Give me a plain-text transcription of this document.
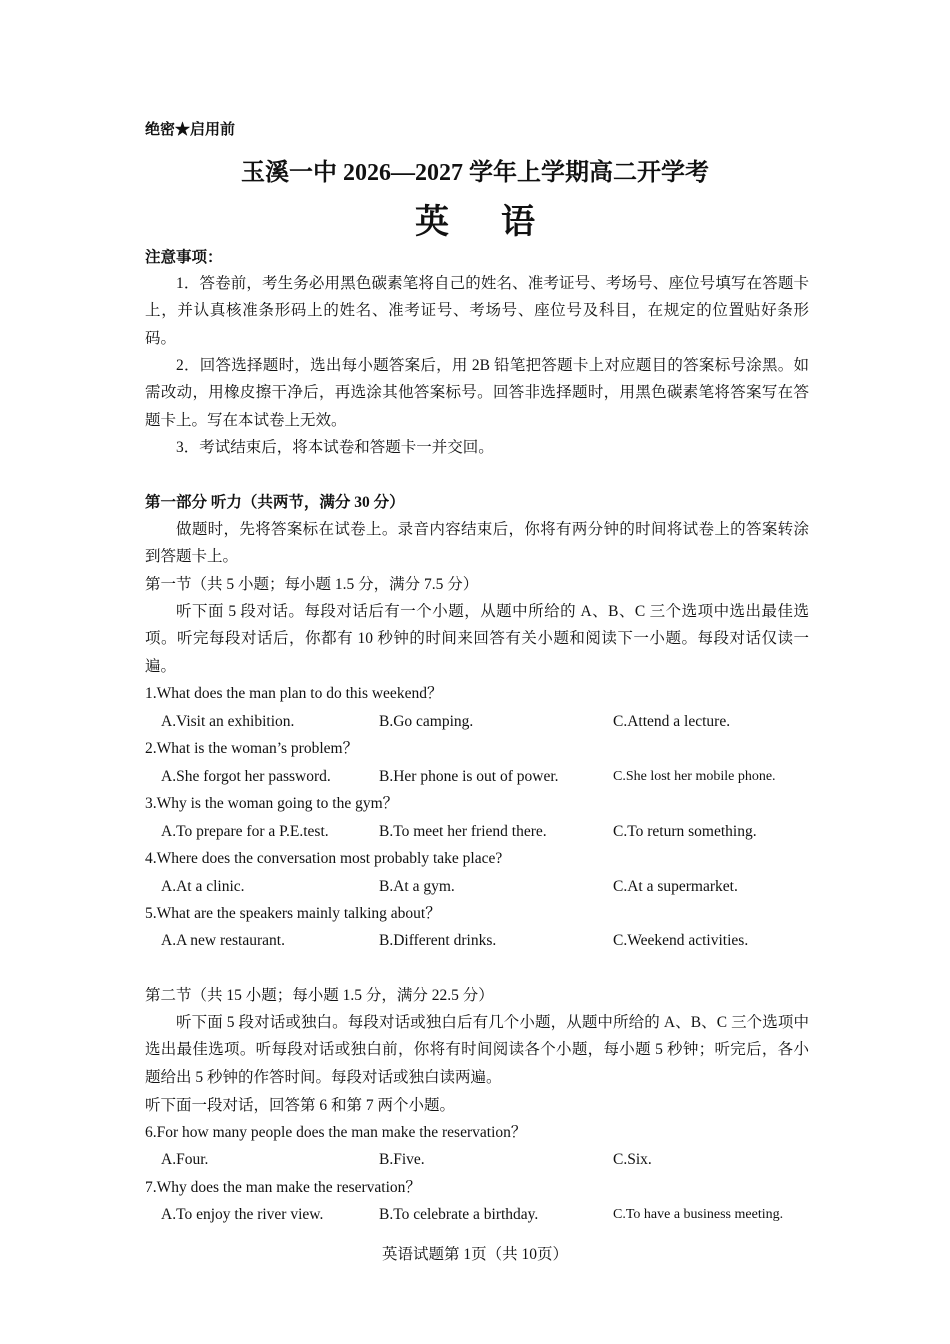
绝密★启用前
玉溪一中 2026—2027 学年上学期高二开学考
英语
注意事项：
1．答卷前，考生务必用黑色碳素笔将自己的姓名、准考证号、考场号、座位号填写在答题卡上，并认真核准条形码上的姓名、准考证号、考场号、座位号及科目，在规定的位置贴好条形码。
2．回答选择题时，选出每小题答案后，用 2B 铅笔把答题卡上对应题目的答案标号涂黑。如需改动，用橡皮擦干净后，再选涂其他答案标号。回答非选择题时，用黑色碳素笔将答案写在答题卡上。写在本试卷上无效。
3．考试结束后，将本试卷和答题卡一并交回。
第一部分 听力（共两节，满分 30 分）
做题时，先将答案标在试卷上。录音内容结束后，你将有两分钟的时间将试卷上的答案转涂到答题卡上。
第一节（共 5 小题；每小题 1.5 分，满分 7.5 分）
听下面 5 段对话。每段对话后有一个小题，从题中所给的 A、B、C 三个选项中选出最佳选项。听完每段对话后，你都有 10 秒钟的时间来回答有关小题和阅读下一小题。每段对话仅读一遍。
1.What does the man plan to do this weekend？
A.Visit an exhibition.	B.Go camping.	C.Attend a lecture.
2.What is the woman’s problem？
A.She forgot her password.	B.Her phone is out of power.	C.She lost her mobile phone.
3.Why is the woman going to the gym？
A.To prepare for a P.E.test.	B.To meet her friend there.	C.To return something.
4.Where does the conversation most probably take place?
A.At a clinic.	B.At a gym.	C.At a supermarket.
5.What are the speakers mainly talking about？
A.A new restaurant.	B.Different drinks.	C.Weekend activities.
第二节（共 15 小题；每小题 1.5 分，满分 22.5 分）
听下面 5 段对话或独白。每段对话或独白后有几个小题，从题中所给的 A、B、C 三个选项中选出最佳选项。听每段对话或独白前，你将有时间阅读各个小题，每小题 5 秒钟；听完后，各小题给出 5 秒钟的作答时间。每段对话或独白读两遍。
听下面一段对话，回答第 6 和第 7 两个小题。
6.For how many people does the man make the reservation？
A.Four.	B.Five.	C.Six.
7.Why does the man make the reservation？
A.To enjoy the river view.	B.To celebrate a birthday.	C.To have a business meeting.
英语试题第 1页（共 10页）
